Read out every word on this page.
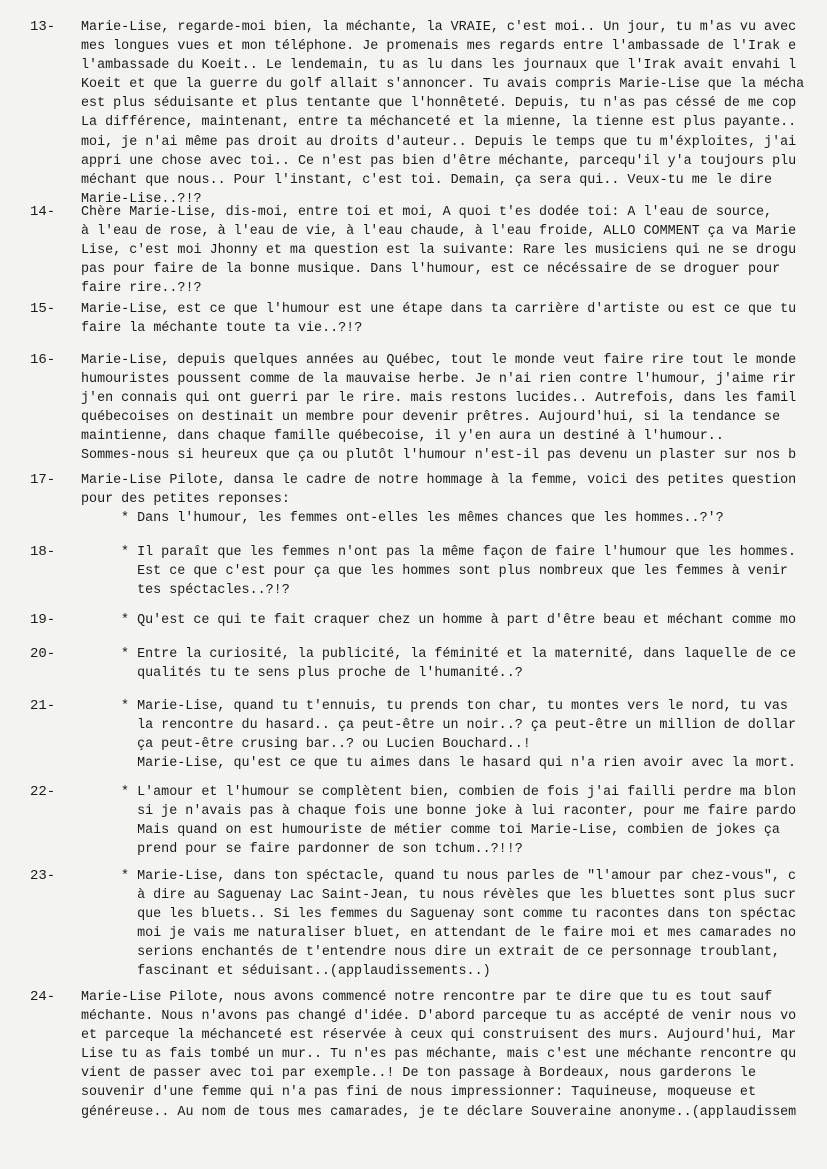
13- Marie-Lise, regarde-moi bien, la méchante, la VRAIE, c'est moi.. Un jour, tu m'as vu avec
mes longues vues et mon téléphone. Je promenais mes regards entre l'ambassade de l'Irak e
l'ambassade du Koeit.. Le lendemain, tu as lu dans les journaux que l'Irak avait envahi l
Koeit et que la guerre du golf allait s'annoncer. Tu avais compris Marie-Lise que la mécha
est plus séduisante et plus tentante que l'honnêteté. Depuis, tu n'as pas céssé de me cop
La différence, maintenant, entre ta méchanceté et la mienne, la tienne est plus payante..
moi, je n'ai même pas droit au droits d'auteur.. Depuis le temps que tu m'éxploites, j'ai
appri une chose avec toi.. Ce n'est pas bien d'être méchante, parcequ'il y'a toujours plu
méchant que nous.. Pour l'instant, c'est toi. Demain, ça sera qui.. Veux-tu me le dire
Marie-Lise..?!?
14- Chère Marie-Lise, dis-moi, entre toi et moi, A quoi t'es dodée toi: A l'eau de source,
à l'eau de rose, à l'eau de vie, à l'eau chaude, à l'eau froide, ALLO COMMENT ça va Marie
Lise, c'est moi Jhonny et ma question est la suivante: Rare les musiciens qui ne se drogu
pas pour faire de la bonne musique. Dans l'humour, est ce nécéssaire de se droguer pour
faire rire..?!?
15- Marie-Lise, est ce que l'humour est une étape dans ta carrière d'artiste ou est ce que tu
faire la méchante toute ta vie..?!?
16- Marie-Lise, depuis quelques années au Québec, tout le monde veut faire rire tout le monde
humouristes poussent comme de la mauvaise herbe. Je n'ai rien contre l'humour, j'aime rir
j'en connais qui ont guerri par le rire. mais restons lucides.. Autrefois, dans les famil
québecoises on destinait un membre pour devenir prêtres. Aujourd'hui, si la tendance se
maintienne, dans chaque famille québecoise, il y'en aura un destiné à l'humour..
Sommes-nous si heureux que ça ou plutôt l'humour n'est-il pas devenu un plaster sur nos b
17- Marie-Lise Pilote, dansa le cadre de notre hommage à la femme, voici des petites question
pour des petites reponses:
* Dans l'humour, les femmes ont-elles les mêmes chances que les hommes..?'?
18-	* Il paraît que les femmes n'ont pas la même façon de faire l'humour que les hommes.
Est ce que c'est pour ça que les hommes sont plus nombreux que les femmes à venir
tes spéctacles..?!?
19-	* Qu'est ce qui te fait craquer chez un homme à part d'être beau et méchant comme mo
20-	* Entre la curiosité, la publicité, la féminité et la maternité, dans laquelle de ce
qualités tu te sens plus proche de l'humanité..?
21-	* Marie-Lise, quand tu t'ennuis, tu prends ton char, tu montes vers le nord, tu vas
la rencontre du hasard.. ça peut-être un noir..? ça peut-être un million de dollar
ça peut-être crusing bar..? ou Lucien Bouchard..!
Marie-Lise, qu'est ce que tu aimes dans le hasard qui n'a rien avoir avec la mort.
22-	* L'amour et l'humour se complètent bien, combien de fois j'ai failli perdre ma blon
si je n'avais pas à chaque fois une bonne joke à lui raconter, pour me faire pardo
Mais quand on est humouriste de métier comme toi Marie-Lise, combien de jokes ça
prend pour se faire pardonner de son tchum..?!!?
23-	* Marie-Lise, dans ton spéctacle, quand tu nous parles de "l'amour par chez-vous", c
à dire au Saguenay Lac Saint-Jean, tu nous révèles que les bluettes sont plus sucr
que les bluets.. Si les femmes du Saguenay sont comme tu racontes dans ton spéctac
moi je vais me naturaliser bluet, en attendant de le faire moi et mes camarades no
serions enchantés de t'entendre nous dire un extrait de ce personnage troublant,
fascinant et séduisant..(applaudissements..)
24- Marie-Lise Pilote, nous avons commencé notre rencontre par te dire que tu es tout sauf
méchante. Nous n'avons pas changé d'idée. D'abord parceque tu as accépté de venir nous vo
et parceque la méchanceté est réservée à ceux qui construisent des murs. Aujourd'hui, Mar
Lise tu as fais tombé un mur.. Tu n'es pas méchante, mais c'est une méchante rencontre qu
vient de passer avec toi par exemple..! De ton passage à Bordeaux, nous garderons le
souvenir d'une femme qui n'a pas fini de nous impressionner: Taquineuse, moqueuse et
généreuse.. Au nom de tous mes camarades, je te déclare Souveraine anonyme..(applaudissem
